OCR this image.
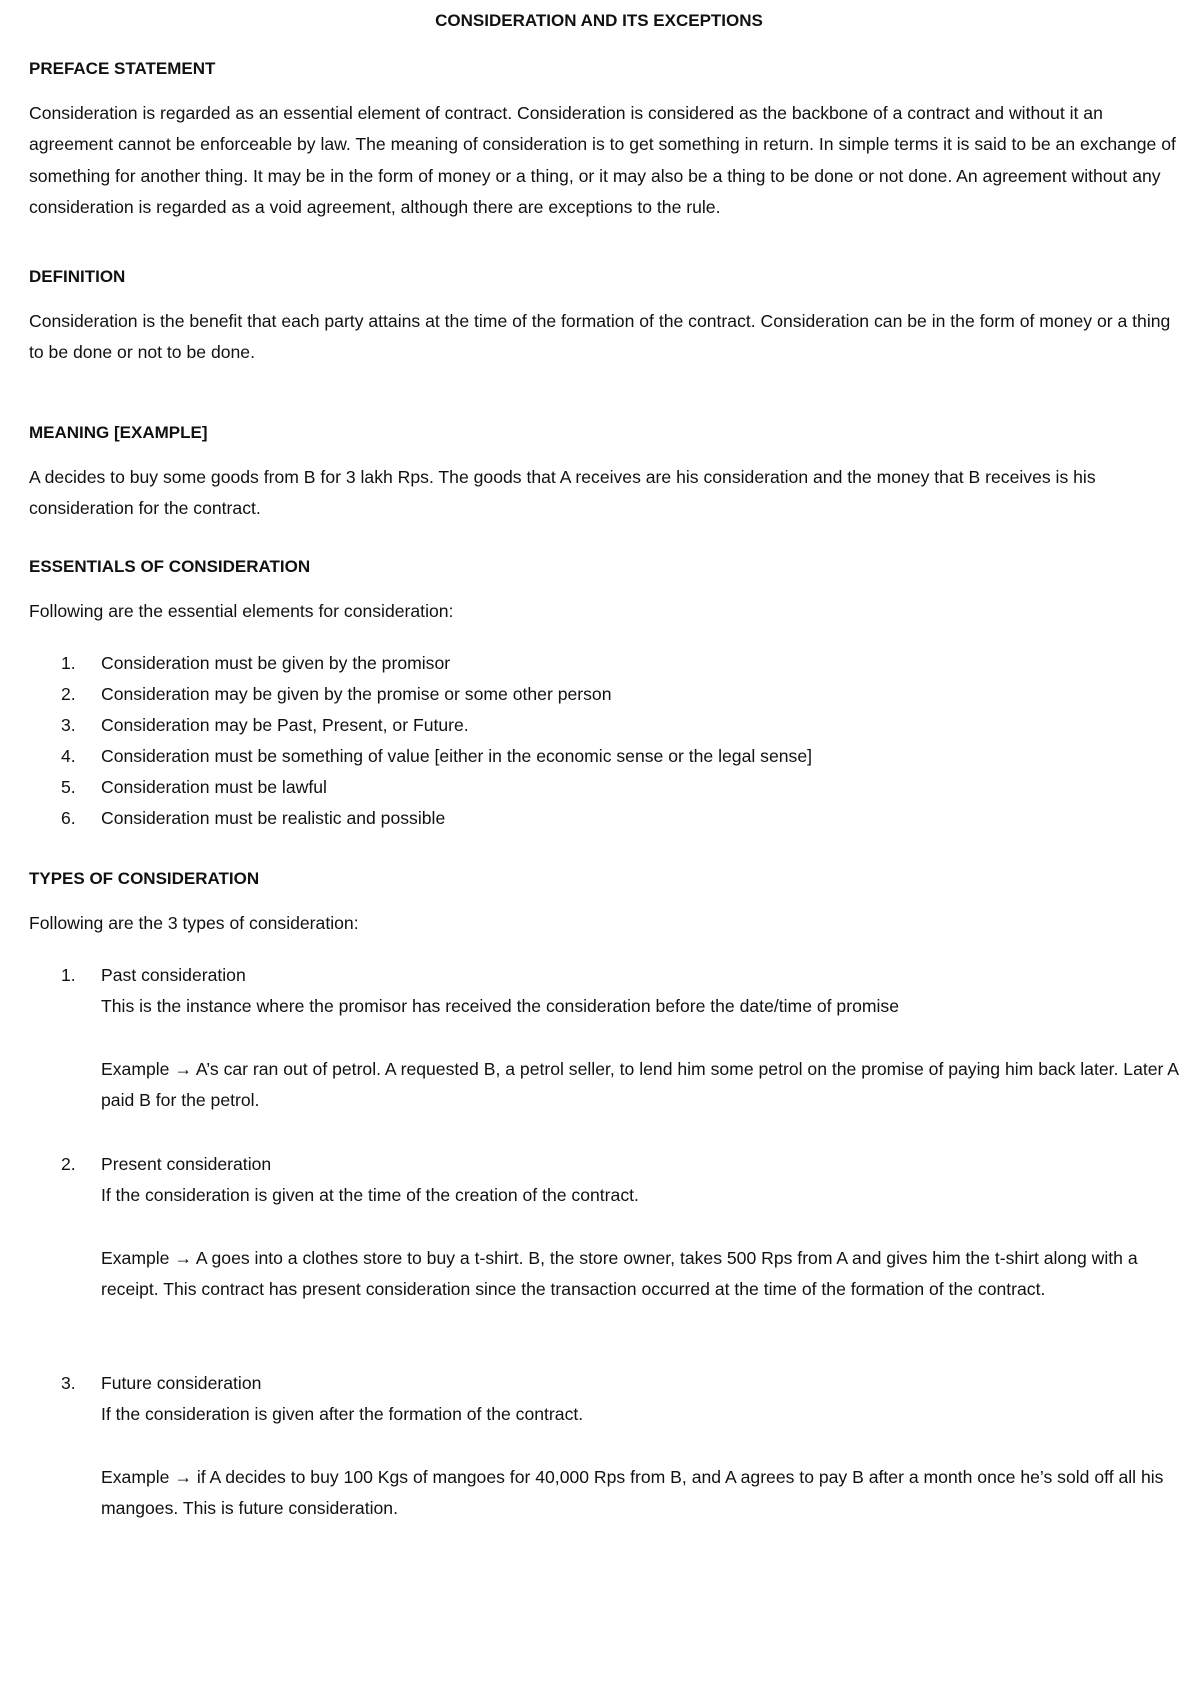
CONSIDERATION AND ITS EXCEPTIONS
PREFACE STATEMENT
Consideration is regarded as an essential element of contract. Consideration is considered as the backbone of a contract and without it an agreement cannot be enforceable by law. The meaning of consideration is to get something in return. In simple terms it is said to be an exchange of something for another thing. It may be in the form of money or a thing, or it may also be a thing to be done or not done. An agreement without any consideration is regarded as a void agreement, although there are exceptions to the rule.
DEFINITION
Consideration is the benefit that each party attains at the time of the formation of the contract. Consideration can be in the form of money or a thing to be done or not to be done.
MEANING [EXAMPLE]
A decides to buy some goods from B for 3 lakh Rps. The goods that A receives are his consideration and the money that B receives is his consideration for the contract.
ESSENTIALS OF CONSIDERATION
Following are the essential elements for consideration:
1.	Consideration must be given by the promisor
2.	Consideration may be given by the promise or some other person
3.	Consideration may be Past, Present, or Future.
4.	Consideration must be something of value [either in the economic sense or the legal sense]
5.	Consideration must be lawful
6.	Consideration must be realistic and possible
TYPES OF CONSIDERATION
Following are the 3 types of consideration:
1. Past consideration
This is the instance where the promisor has received the consideration before the date/time of promise
Example → A’s car ran out of petrol. A requested B, a petrol seller, to lend him some petrol on the promise of paying him back later. Later A paid B for the petrol.
2. Present consideration
If the consideration is given at the time of the creation of the contract.
Example → A goes into a clothes store to buy a t-shirt. B, the store owner, takes 500 Rps from A and gives him the t-shirt along with a receipt. This contract has present consideration since the transaction occurred at the time of the formation of the contract.
3. Future consideration
If the consideration is given after the formation of the contract.
Example → if A decides to buy 100 Kgs of mangoes for 40,000 Rps from B, and A agrees to pay B after a month once he’s sold off all his mangoes. This is future consideration.
